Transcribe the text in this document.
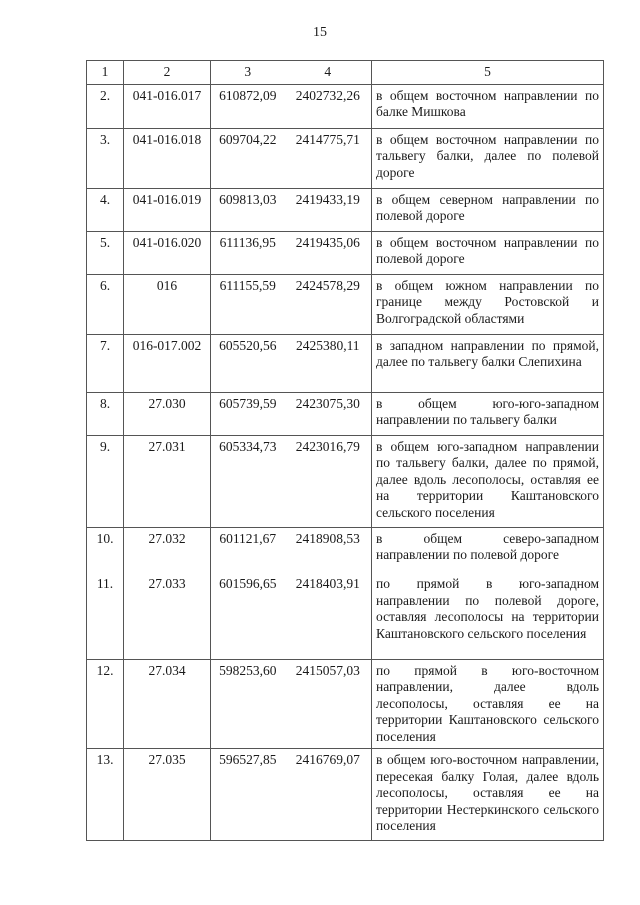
15
1	2	3	4	5
2.	041-016.017	610872,09	2402732,26	в общем восточном направлении по балке Мишкова
3.	041-016.018	609704,22	2414775,71	в общем восточном направлении по тальвегу балки, далее по полевой дороге
4.	041-016.019	609813,03	2419433,19	в общем северном направлении по полевой дороге
5.	041-016.020	611136,95	2419435,06	в общем восточном направлении по полевой дороге
6.	016	611155,59	2424578,29	в общем южном направлении по границе между Ростовской и Волгоградской областями
7.	016-017.002	605520,56	2425380,11	в западном направлении по прямой, далее по тальвегу балки Слепихина
8.	27.030	605739,59	2423075,30	в общем юго-юго-западном направлении по тальвегу балки
9.	27.031	605334,73	2423016,79	в общем юго-западном направлении по тальвегу балки, далее по прямой, далее вдоль лесополосы, оставляя ее на территории Каштановского сельского поселения
10.	27.032	601121,67	2418908,53	в общем северо-западном направлении по полевой дороге
11.	27.033	601596,65	2418403,91	по прямой в юго-западном направлении по полевой дороге, оставляя лесополосы на территории Каштановского сельского поселения
12.	27.034	598253,60	2415057,03	по прямой в юго-восточном направлении, далее вдоль лесополосы, оставляя ее на территории Каштановского сельского поселения
13.	27.035	596527,85	2416769,07	в общем юго-восточном направлении, пересекая балку Голая, далее вдоль лесополосы, оставляя ее на территории Нестеркинского сельского поселения
